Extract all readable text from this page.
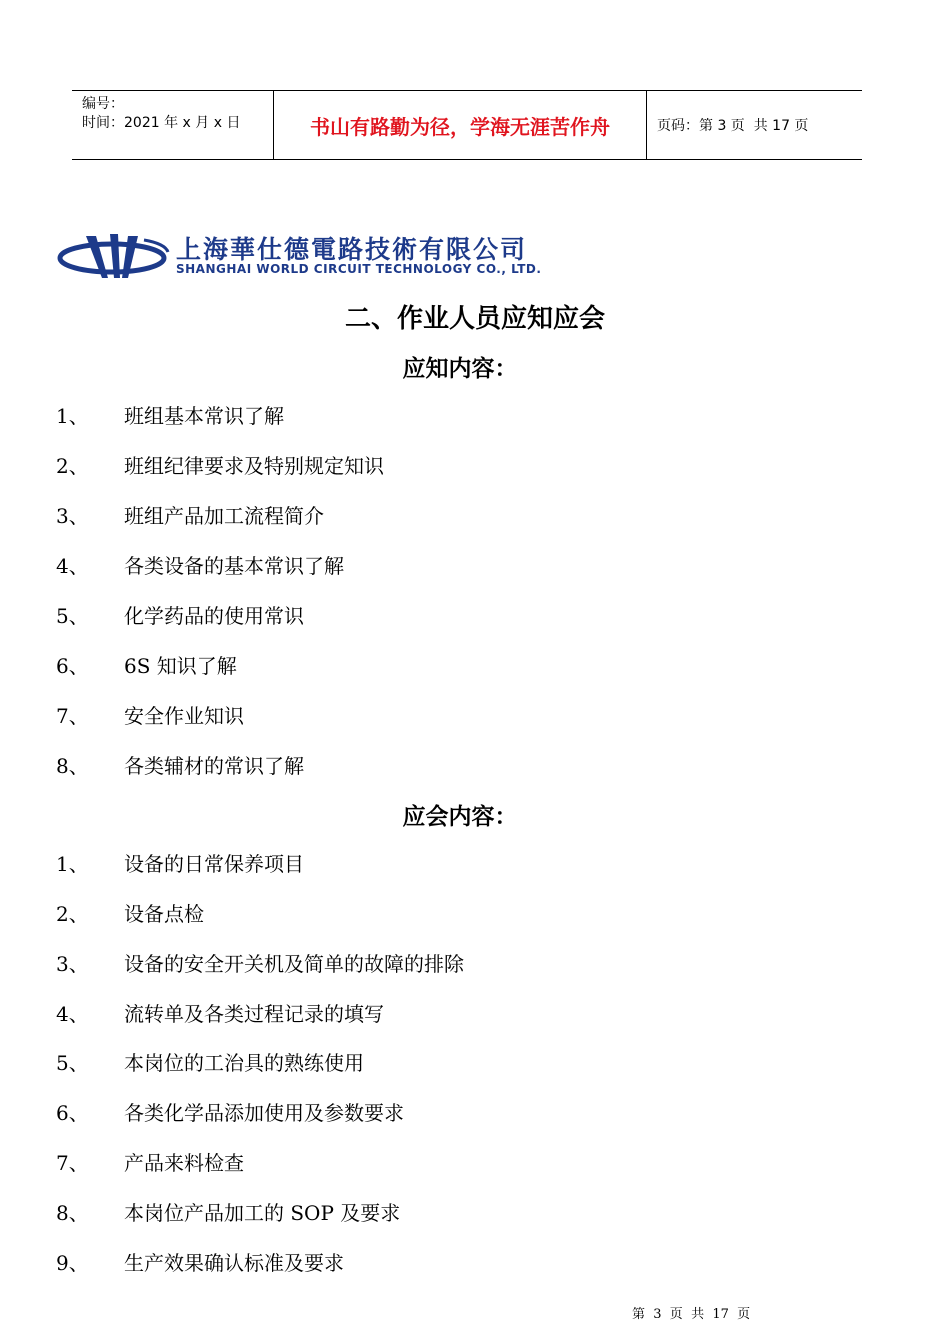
编号：
时间：2021 年 x 月 x 日	书山有路勤为径，学海无涯苦作舟	页码：第 3 页  共 17 页
上海華仕德電路技術有限公司
SHANGHAI WORLD CIRCUIT TECHNOLOGY CO., LTD.
二、作业人员应知应会
应知内容：
1、 班组基本常识了解
2、 班组纪律要求及特别规定知识
3、 班组产品加工流程简介
4、 各类设备的基本常识了解
5、 化学药品的使用常识
6、 6S 知识了解
7、 安全作业知识
8、 各类辅材的常识了解
应会内容：
1、 设备的日常保养项目
2、 设备点检
3、 设备的安全开关机及简单的故障的排除
4、 流转单及各类过程记录的填写
5、 本岗位的工治具的熟练使用
6、 各类化学品添加使用及参数要求
7、 产品来料检查
8、 本岗位产品加工的 SOP 及要求
9、 生产效果确认标准及要求
第  3  页  共  17  页
